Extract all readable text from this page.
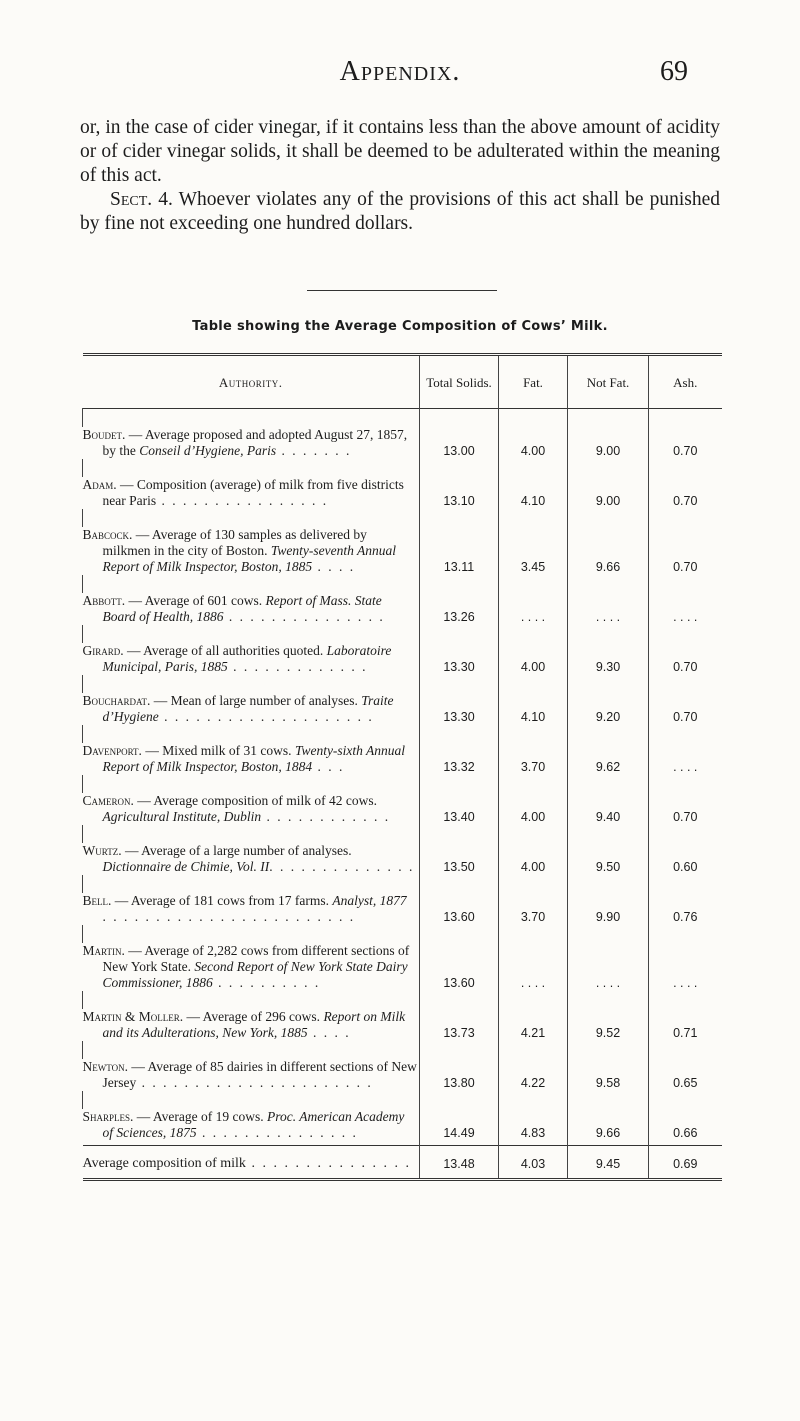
Appendix.	69

or, in the case of cider vinegar, if it contains less than the above amount of acidity or of cider vinegar solids, it shall be deemed to be adulterated within the meaning of this act.

Sect. 4. Whoever violates any of the provisions of this act shall be punished by fine not exceeding one hundred dollars.

Table showing the Average Composition of Cows’ Milk.
Authority.	Total Solids.	Fat.	Not Fat.	Ash.

Boudet. — Average proposed and adopted August 27, 1857, by the Conseil d’Hygiene, Paris . . . . . . .	13.00	4.00	9.00	0.70

Adam. — Composition (average) of milk from five districts near Paris . . . . . . . . . . . . . . . .	13.10	4.10	9.00	0.70

Babcock. — Average of 130 samples as delivered by milkmen in the city of Boston. Twenty-seventh Annual Report of Milk Inspector, Boston, 1885 . . . .	13.11	3.45	9.66	0.70

Abbott. — Average of 601 cows. Report of Mass. State Board of Health, 1886 . . . . . . . . . . . . . . .	13.26	. . . .	. . . .	. . . .

Girard. — Average of all authorities quoted. Laboratoire Municipal, Paris, 1885 . . . . . . . . . . . . .	13.30	4.00	9.30	0.70

Bouchardat. — Mean of large number of analyses. Traite d’Hygiene . . . . . . . . . . . . . . . . . . . .	13.30	4.10	9.20	0.70

Davenport. — Mixed milk of 31 cows. Twenty-sixth Annual Report of Milk Inspector, Boston, 1884 . . .	13.32	3.70	9.62	. . . .

Cameron. — Average composition of milk of 42 cows. Agricultural Institute, Dublin . . . . . . . . . . . .	13.40	4.00	9.40	0.70

Wurtz. — Average of a large number of analyses. Dictionnaire de Chimie, Vol. II. . . . . . . . . . . . . .	13.50	4.00	9.50	0.60

Bell. — Average of 181 cows from 17 farms. Analyst, 1877 . . . . . . . . . . . . . . . . . . . . . . . .	13.60	3.70	9.90	0.76

Martin. — Average of 2,282 cows from different sections of New York State. Second Report of New York State Dairy Commissioner, 1886 . . . . . . . . . .	13.60	. . . .	. . . .	. . . .

Martin & Moller. — Average of 296 cows. Report on Milk and its Adulterations, New York, 1885 . . . .	13.73	4.21	9.52	0.71

Newton. — Average of 85 dairies in different sections of New Jersey . . . . . . . . . . . . . . . . . . . . . .	13.80	4.22	9.58	0.65

Sharples. — Average of 19 cows. Proc. American Academy of Sciences, 1875 . . . . . . . . . . . . . . .	14.49	4.83	9.66	0.66
Average composition of milk . . . . . . . . . . . . . . .	13.48	4.03	9.45	0.69
